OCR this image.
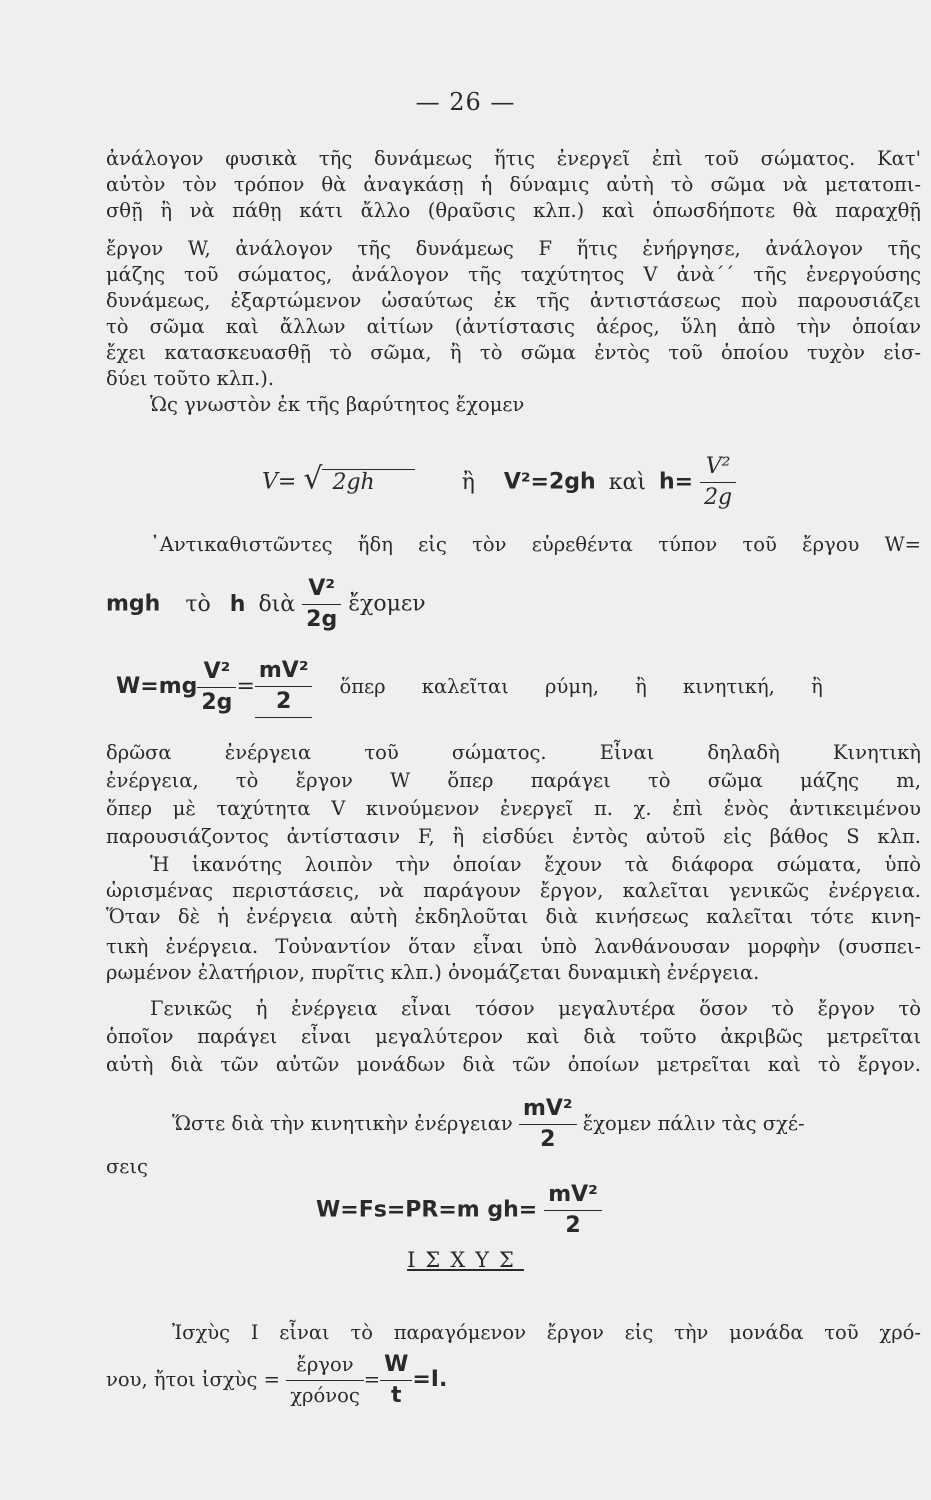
— 26 —
ἀνάλογον φυσικὰ τῆς δυνάμεως ἥτις ἐνεργεῖ ἐπὶ τοῦ σώματος. Κατ'
αὐτὸν τὸν τρόπον θὰ ἀναγκάσῃ ἡ δύναμις αὐτὴ τὸ σῶμα νὰ μετατοπι-
σθῇ ἢ νὰ πάθῃ κάτι ἄλλο (θραῦσις κλπ.) καὶ ὁπωσδήποτε θὰ παραχθῇ
ἔργον W, ἀνάλογον τῆς δυνάμεως F ἥτις ἐνήργησε, ἀνάλογον τῆς
μάζης τοῦ σώματος, ἀνάλογον τῆς ταχύτητος V ἀνὰ΄΄ τῆς ἐνεργούσης
δυνάμεως, ἐξαρτώμενον ὡσαύτως ἐκ τῆς ἀντιστάσεως ποὺ παρουσιάζει
τὸ σῶμα καὶ ἄλλων αἰτίων (ἀντίστασις ἀέρος, ὕλη ἀπὸ τὴν ὁποίαν
ἔχει κατασκευασθῇ τὸ σῶμα, ἢ τὸ σῶμα ἐντὸς τοῦ ὁποίου τυχὸν εἰσ-
δύει τοῦτο κλπ.).
Ὡς γνωστὸν ἐκ τῆς βαρύτητος ἔχομεν
V= √ 2gh	ἢ V²=2gh καὶ $h= \frac{\text{V²}}{2g}$
᾿Αντικαθιστῶντες ἤδη εἰς τὸν εὑρεθέντα τύπον τοῦ ἔργου W=
mgh τὸ h διὰ $\frac{\text{V²}}{2g}$ ἔχομεν
$W=mg \frac{\text{V²}}{2g} = \frac{\text{mV²}}{2}$ ὅπερ καλεῖται ρύμη, ἢ κινητική, ἢ
δρῶσα ἐνέργεια τοῦ σώματος. Εἶναι δηλαδὴ Κινητικὴ
ἐνέργεια, τὸ ἔργον W ὅπερ παράγει τὸ σῶμα μάζης m,
ὅπερ μὲ ταχύτητα V κινούμενον ἐνεργεῖ π. χ. ἐπὶ ἑνὸς ἀντικειμένου
παρουσιάζοντος ἀντίστασιν F, ἢ εἰσδύει ἐντὸς αὐτοῦ εἰς βάθος S κλπ.
Ἡ ἱκανότης λοιπὸν τὴν ὁποίαν ἔχουν τὰ διάφορα σώματα, ὑπὸ
ὡρισμένας περιστάσεις, νὰ παράγουν ἔργον, καλεῖται γενικῶς ἐνέργεια.
Ὅταν δὲ ἡ ἐνέργεια αὐτὴ ἐκδηλοῦται διὰ κινήσεως καλεῖται τότε κινη-
τικὴ ἐνέργεια. Τοὐναντίον ὅταν εἶναι ὑπὸ λανθάνουσαν μορφὴν (συσπει-
ρωμένον ἐλατήριον, πυρῖτις κλπ.) ὀνομάζεται δυναμικὴ ἐνέργεια.
Γενικῶς ἡ ἐνέργεια εἶναι τόσον μεγαλυτέρα ὅσον τὸ ἔργον τὸ
ὁποῖον παράγει εἶναι μεγαλύτερον καὶ διὰ τοῦτο ἀκριβῶς μετρεῖται
αὐτὴ διὰ τῶν αὐτῶν μονάδων διὰ τῶν ὁποίων μετρεῖται καὶ τὸ ἔργον.
Ὥστε διὰ τὴν κινητικὴν ἐνέργειαν $\frac{\text{mV²}}{2}$ ἔχομεν πάλιν τὰς σχέ-
σεις
W=Fs=PR=m $gh= \frac{\text{mV²}}{2}$
ΙΣΧΥΣ
Ἰσχὺς I εἶναι τὸ παραγόμενον ἔργον εἰς τὴν μονάδα τοῦ χρό-
νου, ἤτοι ἰσχὺς = $\frac{\text{ἔργον}}{\text{χρόνος}} = \frac{W}{t} =I$.
